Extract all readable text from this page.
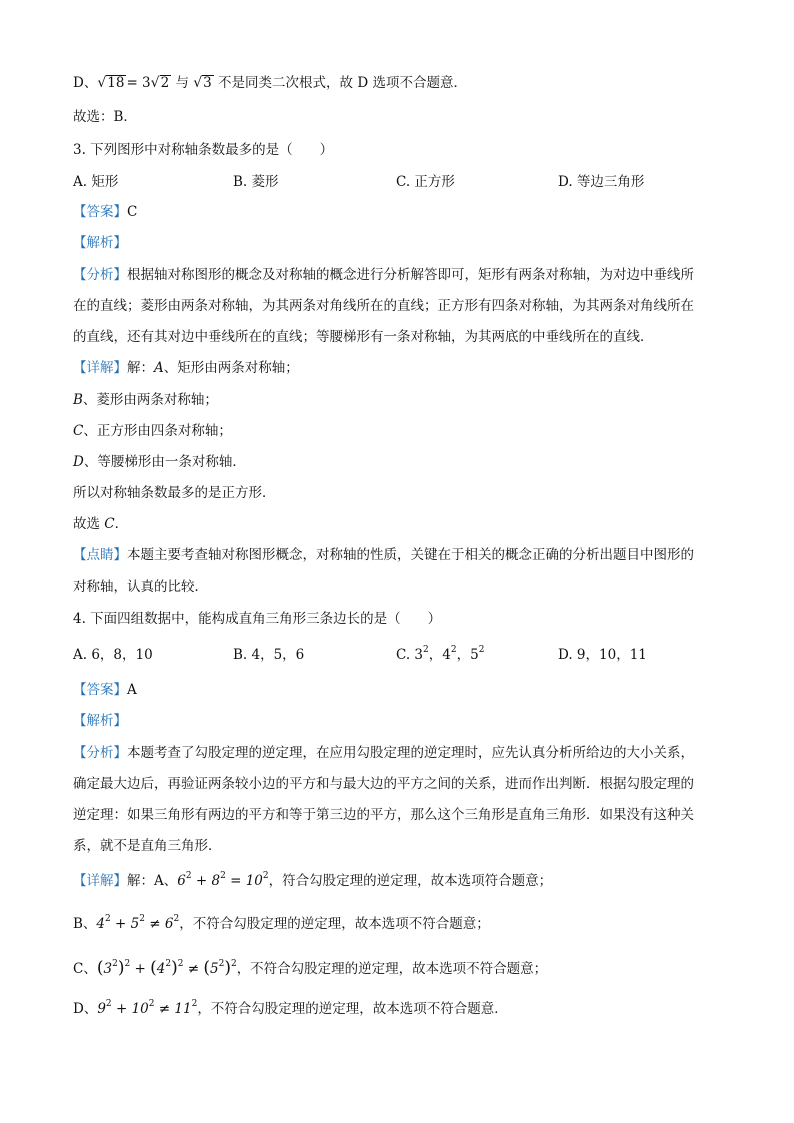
D、√18 = 3√2 与 √3 不是同类二次根式，故 D 选项不合题意．
故选：B．
3. 下列图形中对称轴条数最多的是（　　）
A. 矩形	B. 菱形	C. 正方形	D. 等边三角形
【答案】C
【解析】
【分析】根据轴对称图形的概念及对称轴的概念进行分析解答即可，矩形有两条对称轴，为对边中垂线所
在的直线；菱形由两条对称轴，为其两条对角线所在的直线；正方形有四条对称轴，为其两条对角线所在
的直线，还有其对边中垂线所在的直线；等腰梯形有一条对称轴，为其两底的中垂线所在的直线．
【详解】解：A、矩形由两条对称轴；
B、菱形由两条对称轴；
C、正方形由四条对称轴；
D、等腰梯形由一条对称轴．
所以对称轴条数最多的是正方形．
故选 C．
【点睛】本题主要考查轴对称图形概念，对称轴的性质，关键在于相关的概念正确的分析出题目中图形的
对称轴，认真的比较．
4. 下面四组数据中，能构成直角三角形三条边长的是（　　）
A. 6，8，10	B. 4，5，6	C. $3^2$，$4^2$，$5^2$	D. 9，10，11
【答案】A
【解析】
【分析】本题考查了勾股定理的逆定理，在应用勾股定理的逆定理时，应先认真分析所给边的大小关系，
确定最大边后，再验证两条较小边的平方和与最大边的平方之间的关系，进而作出判断．根据勾股定理的
逆定理：如果三角形有两边的平方和等于第三边的平方，那么这个三角形是直角三角形．如果没有这种关
系，就不是直角三角形．
【详解】解：A、$6^2 + 8^2 = 10^2$，符合勾股定理的逆定理，故本选项符合题意；
B、$4^2 + 5^2 \ne 6^2$，不符合勾股定理的逆定理，故本选项不符合题意；
C、$(3^2)^2 + (4^2)^2 \ne (5^2)^2$，不符合勾股定理的逆定理，故本选项不符合题意；
D、$9^2 + 10^2 \ne 11^2$，不符合勾股定理的逆定理，故本选项不符合题意．
